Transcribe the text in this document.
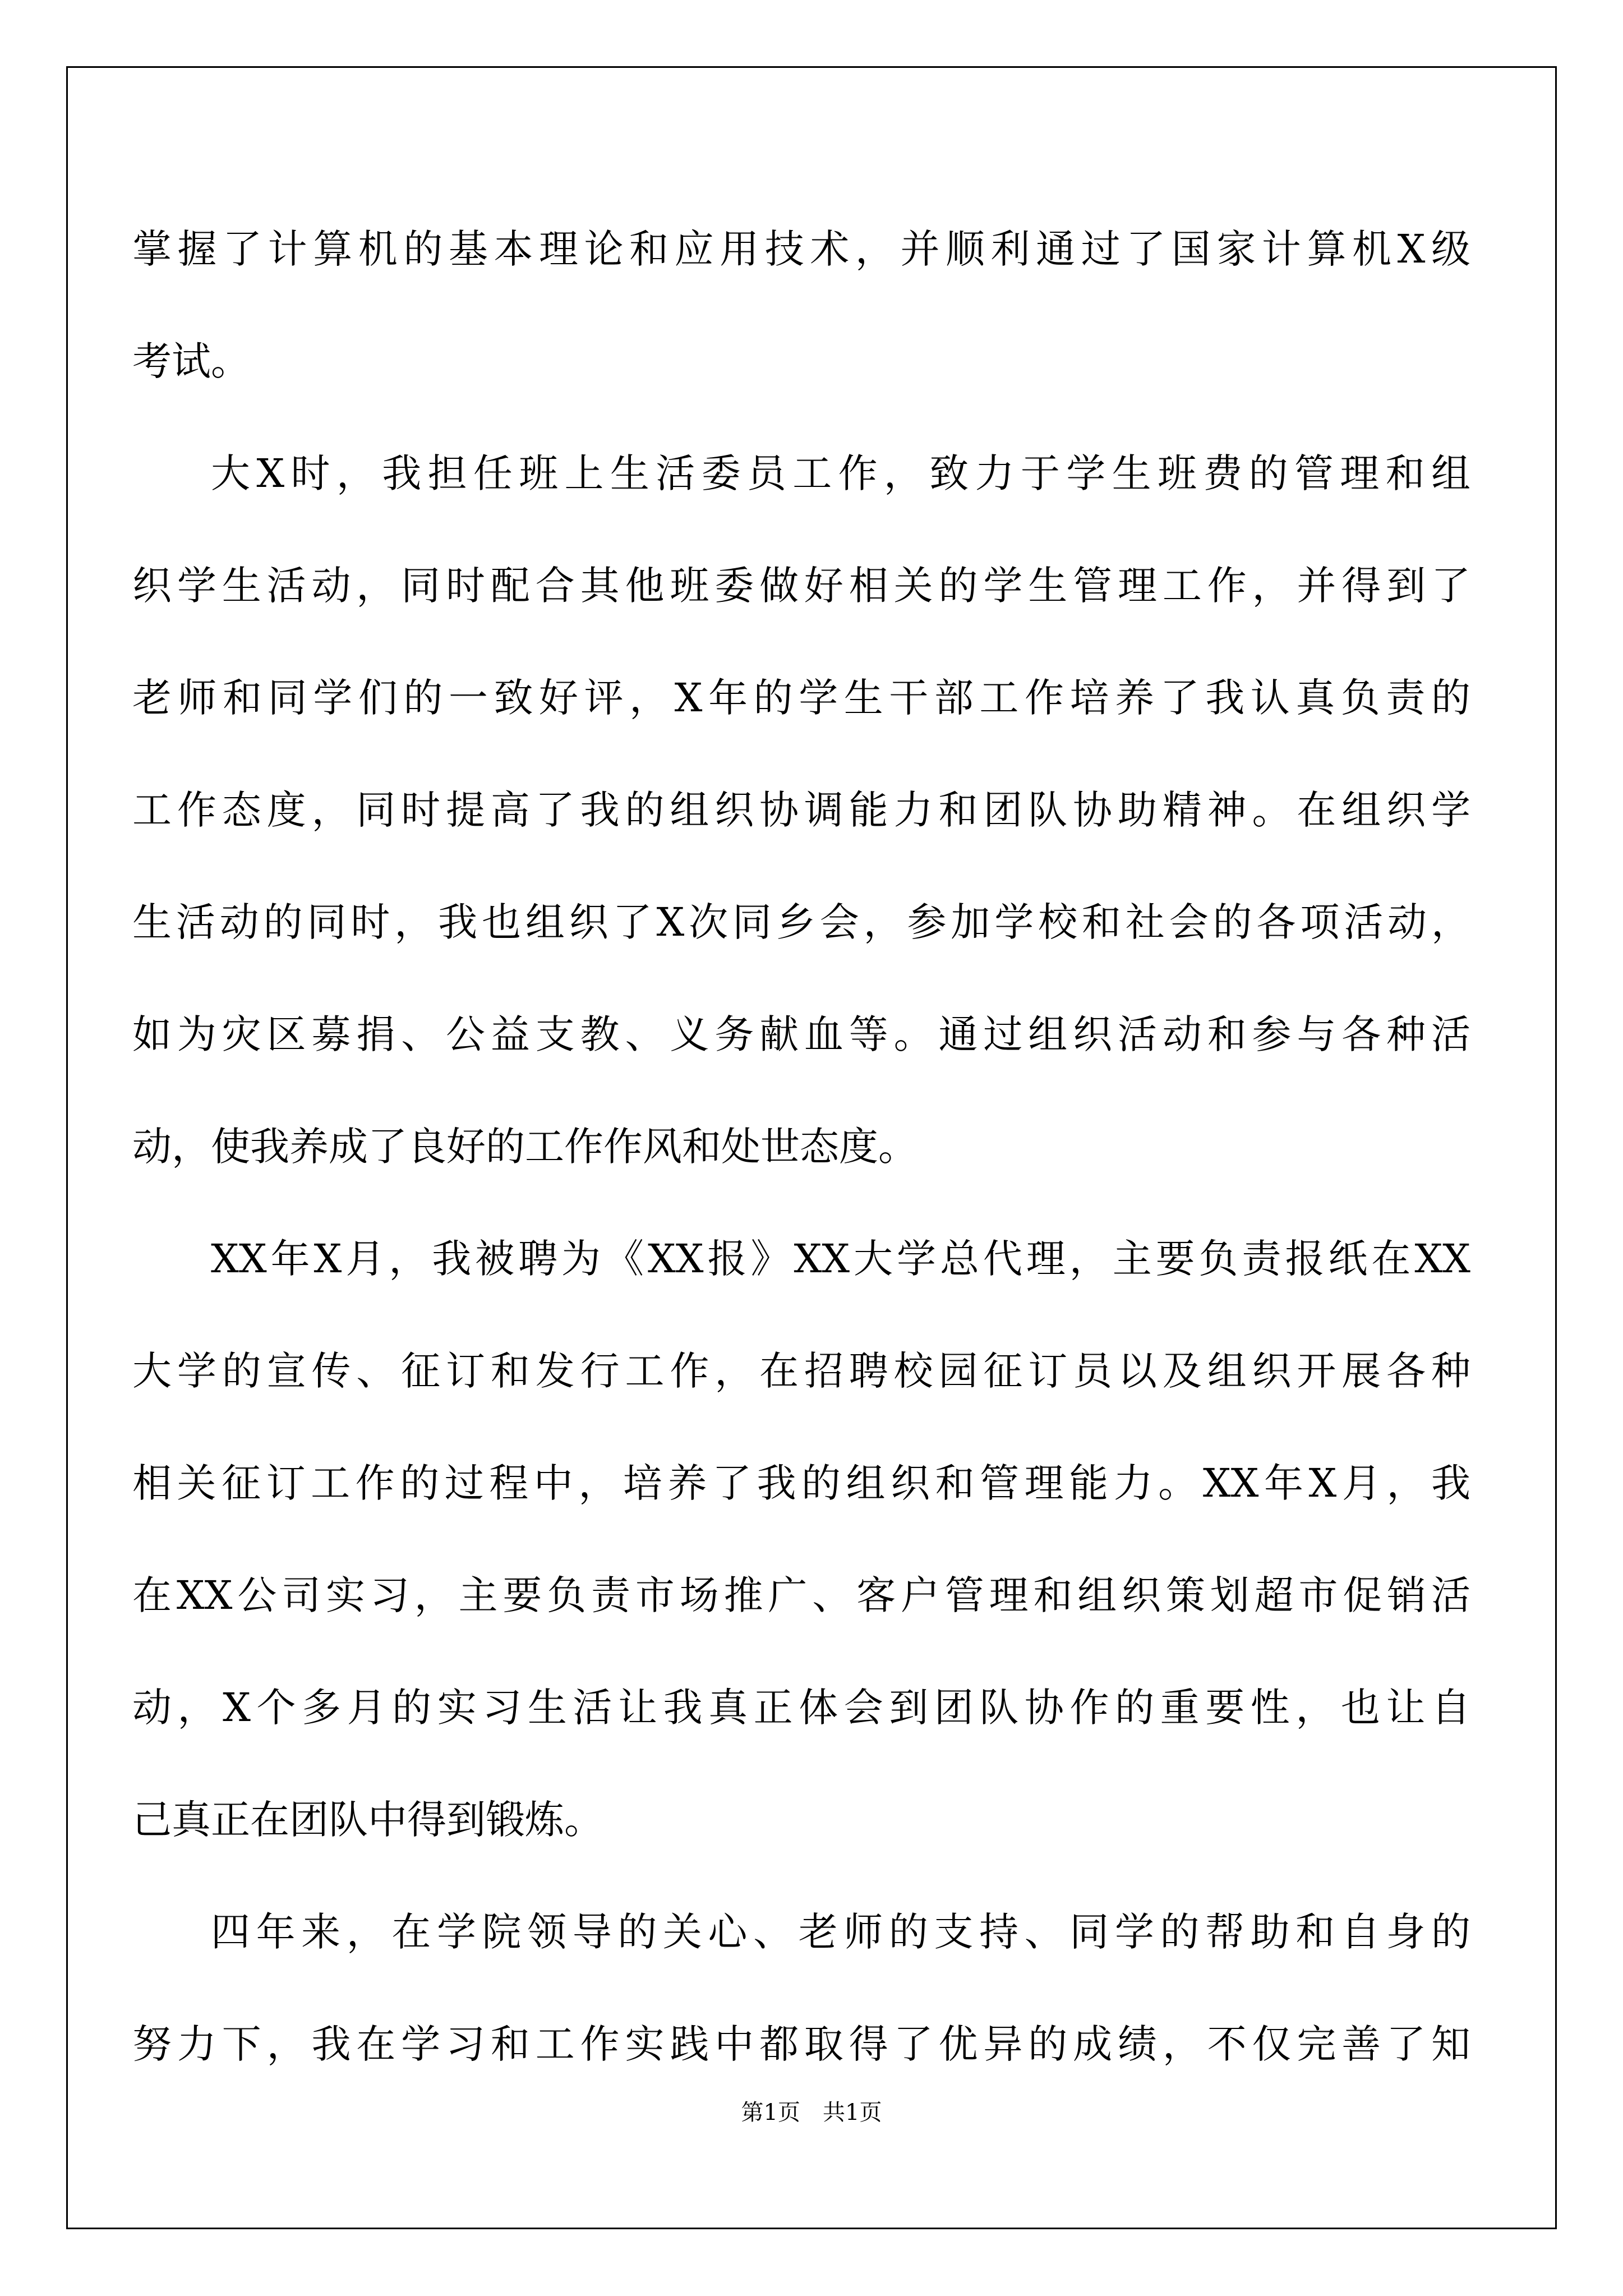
掌握了计算机的基本理论和应用技术，并顺利通过了国家计算机X级
考试。
大X时，我担任班上生活委员工作，致力于学生班费的管理和组
织学生活动，同时配合其他班委做好相关的学生管理工作，并得到了
老师和同学们的一致好评，X年的学生干部工作培养了我认真负责的
工作态度，同时提高了我的组织协调能力和团队协助精神。在组织学
生活动的同时，我也组织了X次同乡会，参加学校和社会的各项活动，
如为灾区募捐、公益支教、义务献血等。通过组织活动和参与各种活
动，使我养成了良好的工作作风和处世态度。
XX年X月，我被聘为《XX报》XX大学总代理，主要负责报纸在XX
大学的宣传、征订和发行工作，在招聘校园征订员以及组织开展各种
相关征订工作的过程中，培养了我的组织和管理能力。XX年X月，我
在XX公司实习，主要负责市场推广、客户管理和组织策划超市促销活
动，X个多月的实习生活让我真正体会到团队协作的重要性，也让自
己真正在团队中得到锻炼。
四年来，在学院领导的关心、老师的支持、同学的帮助和自身的
努力下，我在学习和工作实践中都取得了优异的成绩，不仅完善了知
第1页　共1页
